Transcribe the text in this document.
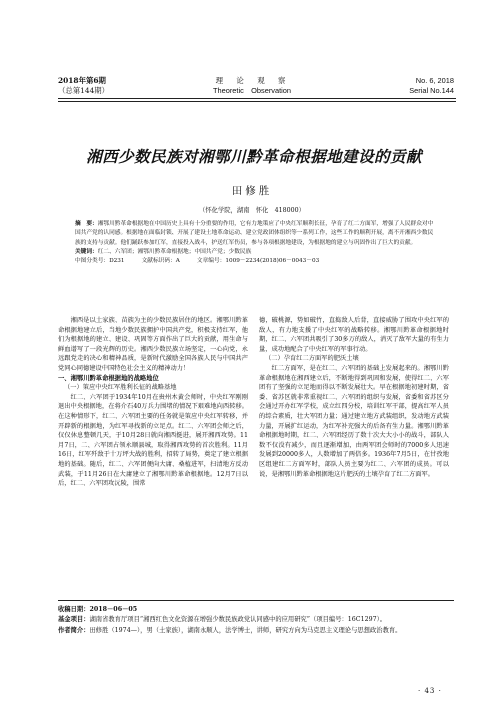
2018年第6期
（总第144期）
理　论　观　察
Theoretic　Observation
No. 6, 2018
Serial No.144
湘西少数民族对湘鄂川黔革命根据地建设的贡献
田修胜
（怀化学院，湖南　怀化　418000）
摘　要：湘鄂川黔革命根据地在中国历史上具有十分重要的作用，它有力地策应了中央红军顺利长征，孕育了红二方面军，增强了人民群众对中国共产党的认同感。根据地在面临封锁、开展了建设土地革命运动、建立党政团体组织等一系列工作，这些工作的顺利开展，离不开湘西少数民族的支持与贡献。他们踊跃参加红军，直接投入战斗，护送红军伤员，参与各项根据地建设，为根据地的建立与巩固作出了巨大的贡献。
关键词：红二、六军团；湘鄂川黔革命根据地；中国共产党；少数民族
中图分类号：D231　　　文献标识码：A　　　文章编号：1009－2234(2018)06－0043－03

湘西是以土家族、苗族为主的少数民族居住的地区。湘鄂川黔革命根据地建立后，当地少数民族拥护中国共产党，积极支持红军，他们为根据地的建立、建设、巩固等方面作出了巨大的贡献，用生命与鲜血谱写了一段光辉的历史。湘西少数民族立场坚定，一心向党，永远跟党走的决心和精神品质，是新时代激励全国各族人民与中国共产党同心同德建设中国特色社会主义的精神动力！

一、湘鄂川黔革命根据地的战略地位
（一）策应中央红军胜利长征的战略基地

红二、六军团于1934年10月在贵州木黄会师时，中央红军刚刚退出中央根据地，在将介石40万兵力围堵的情况下艰难地向西转移。在这种情形下，红二、六军团主要的任务就是策应中央红军转移，并开辟新的根据地，为红军寻找新的立足点。红二、六军团会师之后，仅仅休息整顿几天，于10月28日就向湘西挺进，展开湘西攻势。11月7日，二、六军团占领永顺县城，取得湘西攻势的首次胜利。11月16日，红军歼敌于十万坪大战的胜利，招转了局势，奠定了建立根据地的基础。随后，红二、六军团便向大庸、桑植进军，扫清地方反动武装，于11月26日在大庸建立了湘鄂川黔革命根据地。12月7日以后，红二、六军团攻沅陵，围常

德，破桃源，势如破竹，直捣敌人后背，直接威胁了围攻中央红军的敌人，有力地支援了中央红军的战略转移。湘鄂川黔革命根据地时期，红二、六军团共吸引了30多万的敌人，消灭了敌军大量的有生力量，成功地配合了中央红军的军事行动。

（二）孕育红二方面军的肥沃土壤

红二方面军，是在红二、六军团的基础上发展起来的。湘鄂川黔革命根据地在湘西建立后，不断地得到巩固和发展，使得红二、六军团有了坚强的立足地而得以不断发展壮大。早在根据地初建时期，省委、省苏区就非常重视红二、六军团的组织与发展，省委和省苏区分会通过开办红军学校，成立红四分校，培训红军干部，提高红军人员的综合素质，壮大军团力量；通过建立地方武装组织，发动地方武装力量，开展扩红运动，为红军补充强大的后备有生力量。湘鄂川黔革命根据地时期，红二、六军团经历了数十次大大小小的战斗，部队人数不仅没有减少，而且逐渐增加，由两军团会师时的7000多人迅速发展到20000多人，人数增加了两倍多。1936年7月5日，在甘孜地区组建红二方面军时，部队人员主要为红二、六军团的成员。可以说，是湘鄂川黔革命根据地这片肥沃的土壤孕育了红二方面军。

收稿日期：2018－06－05
基金项目：湖南省教育厅项目“湘西红色文化资源在增强少数民族政党认同感中的应用研究”（项目编号：16C1297）。
作者简介：田修胜（1974—），男（土家族），湖南永顺人，法学博士，讲师，研究方向为马克思主义理论与思想政治教育。
· 43 ·
